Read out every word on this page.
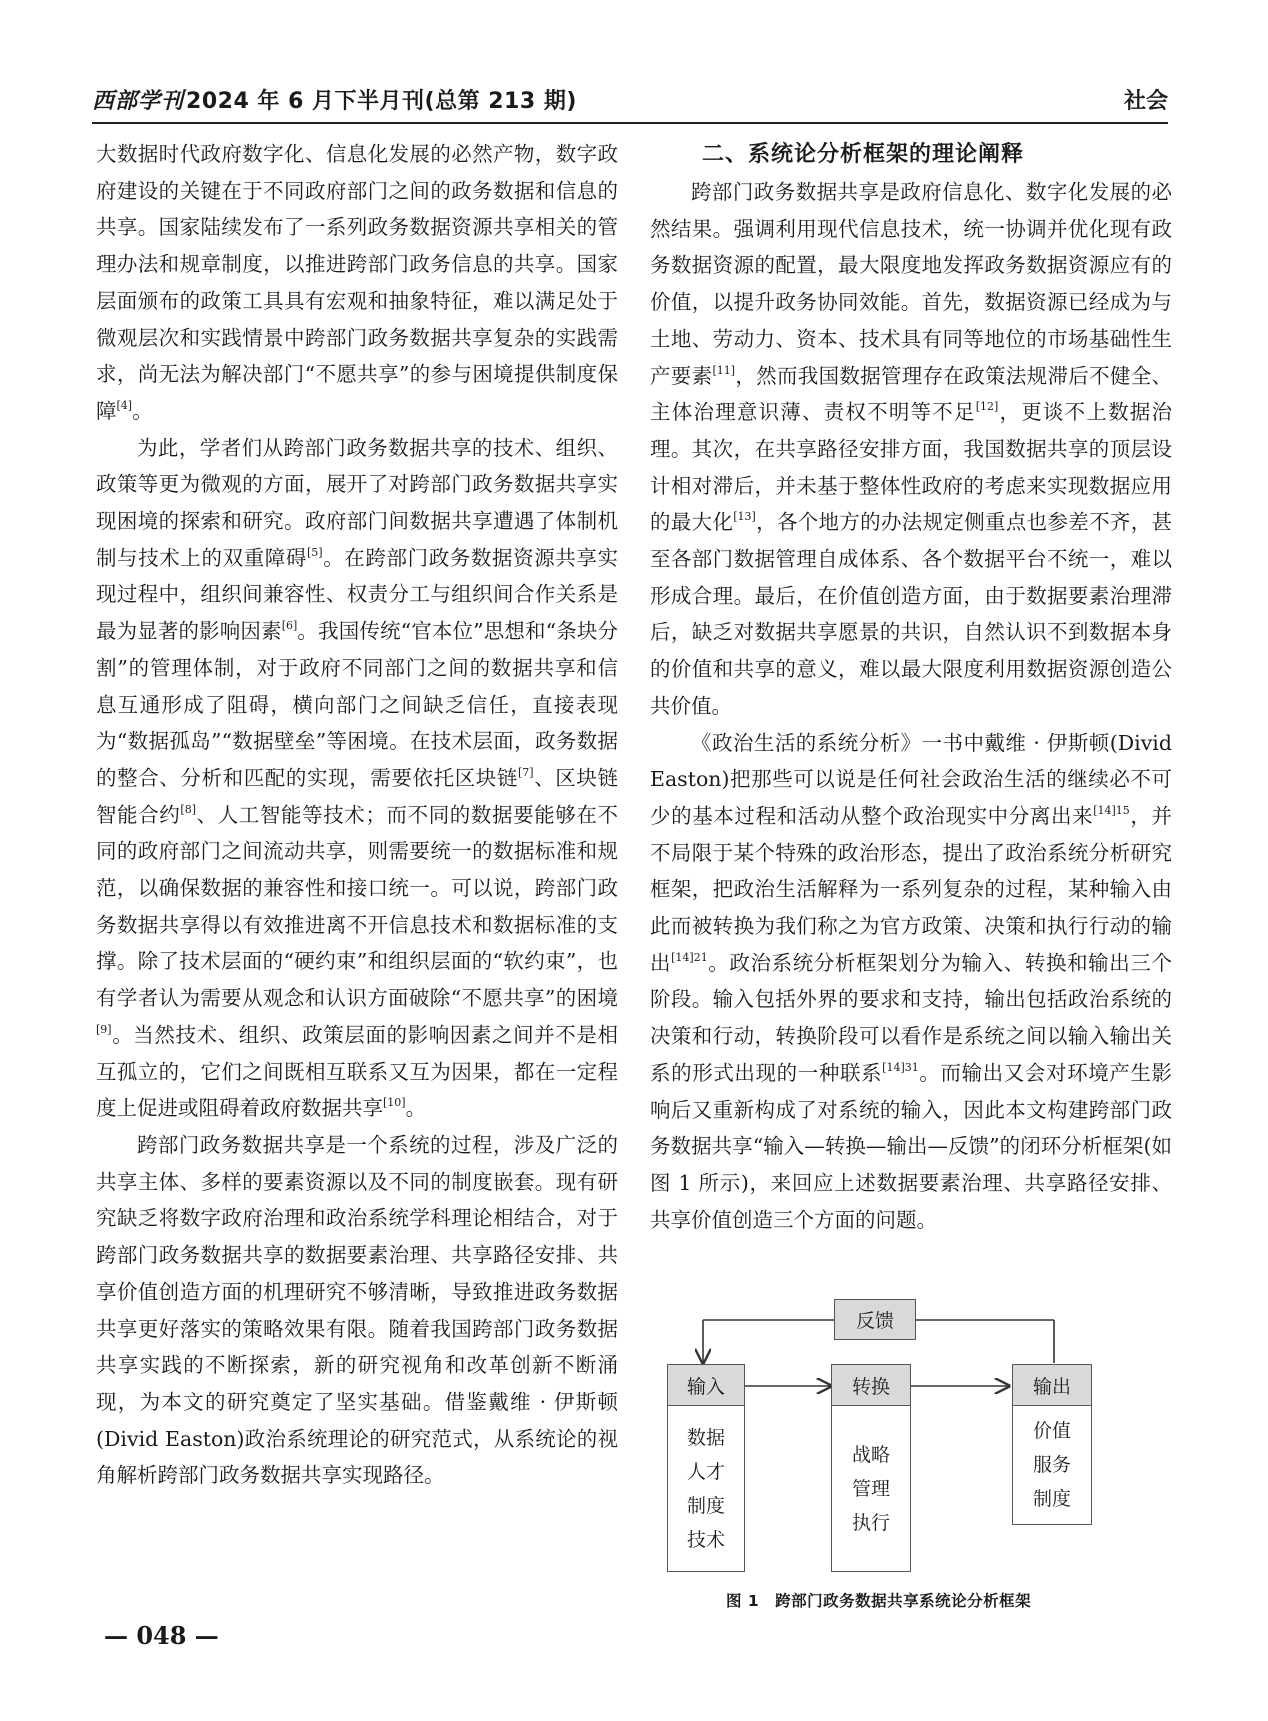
西部学刊2024 年 6 月下半月刊(总第 213 期)	社会

大数据时代政府数字化、信息化发展的必然产物，数字政府建设的关键在于不同政府部门之间的政务数据和信息的共享。国家陆续发布了一系列政务数据资源共享相关的管理办法和规章制度，以推进跨部门政务信息的共享。国家层面颁布的政策工具具有宏观和抽象特征，难以满足处于微观层次和实践情景中跨部门政务数据共享复杂的实践需求，尚无法为解决部门“不愿共享”的参与困境提供制度保障[4]。

为此，学者们从跨部门政务数据共享的技术、组织、政策等更为微观的方面，展开了对跨部门政务数据共享实现困境的探索和研究。政府部门间数据共享遭遇了体制机制与技术上的双重障碍[5]。在跨部门政务数据资源共享实现过程中，组织间兼容性、权责分工与组织间合作关系是最为显著的影响因素[6]。我国传统“官本位”思想和“条块分割”的管理体制，对于政府不同部门之间的数据共享和信息互通形成了阻碍，横向部门之间缺乏信任，直接表现为“数据孤岛”“数据壁垒”等困境。在技术层面，政务数据的整合、分析和匹配的实现，需要依托区块链[7]、区块链智能合约[8]、人工智能等技术；而不同的数据要能够在不同的政府部门之间流动共享，则需要统一的数据标准和规范，以确保数据的兼容性和接口统一。可以说，跨部门政务数据共享得以有效推进离不开信息技术和数据标准的支撑。除了技术层面的“硬约束”和组织层面的“软约束”，也有学者认为需要从观念和认识方面破除“不愿共享”的困境[9]。当然技术、组织、政策层面的影响因素之间并不是相互孤立的，它们之间既相互联系又互为因果，都在一定程度上促进或阻碍着政府数据共享[10]。

跨部门政务数据共享是一个系统的过程，涉及广泛的共享主体、多样的要素资源以及不同的制度嵌套。现有研究缺乏将数字政府治理和政治系统学科理论相结合，对于跨部门政务数据共享的数据要素治理、共享路径安排、共享价值创造方面的机理研究不够清晰，导致推进政务数据共享更好落实的策略效果有限。随着我国跨部门政务数据共享实践的不断探索，新的研究视角和改革创新不断涌现，为本文的研究奠定了坚实基础。借鉴戴维 · 伊斯顿(Divid Easton)政治系统理论的研究范式，从系统论的视角解析跨部门政务数据共享实现路径。

二、系统论分析框架的理论阐释

跨部门政务数据共享是政府信息化、数字化发展的必然结果。强调利用现代信息技术，统一协调并优化现有政务数据资源的配置，最大限度地发挥政务数据资源应有的价值，以提升政务协同效能。首先，数据资源已经成为与土地、劳动力、资本、技术具有同等地位的市场基础性生产要素[11]，然而我国数据管理存在政策法规滞后不健全、主体治理意识薄、责权不明等不足[12]，更谈不上数据治理。其次，在共享路径安排方面，我国数据共享的顶层设计相对滞后，并未基于整体性政府的考虑来实现数据应用的最大化[13]，各个地方的办法规定侧重点也参差不齐，甚至各部门数据管理自成体系、各个数据平台不统一，难以形成合理。最后，在价值创造方面，由于数据要素治理滞后，缺乏对数据共享愿景的共识，自然认识不到数据本身的价值和共享的意义，难以最大限度利用数据资源创造公共价值。

《政治生活的系统分析》一书中戴维 · 伊斯顿(Divid Easton)把那些可以说是任何社会政治生活的继续必不可少的基本过程和活动从整个政治现实中分离出来$^{[14]15}$，并不局限于某个特殊的政治形态，提出了政治系统分析研究框架，把政治生活解释为一系列复杂的过程，某种输入由此而被转换为我们称之为官方政策、决策和执行行动的输出$^{[14]21}$。政治系统分析框架划分为输入、转换和输出三个阶段。输入包括外界的要求和支持，输出包括政治系统的决策和行动，转换阶段可以看作是系统之间以输入输出关系的形式出现的一种联系$^{[14]31}$。而输出又会对环境产生影响后又重新构成了对系统的输入，因此本文构建跨部门政务数据共享“输入—转换—输出—反馈”的闭环分析框架(如图 1 所示)，来回应上述数据要素治理、共享路径安排、共享价值创造三个方面的问题。

反馈
输入
数据
人才
制度
技术
转换
战略
管理
执行
输出
价值
服务
制度
图 1　跨部门政务数据共享系统论分析框架
— 048 —
